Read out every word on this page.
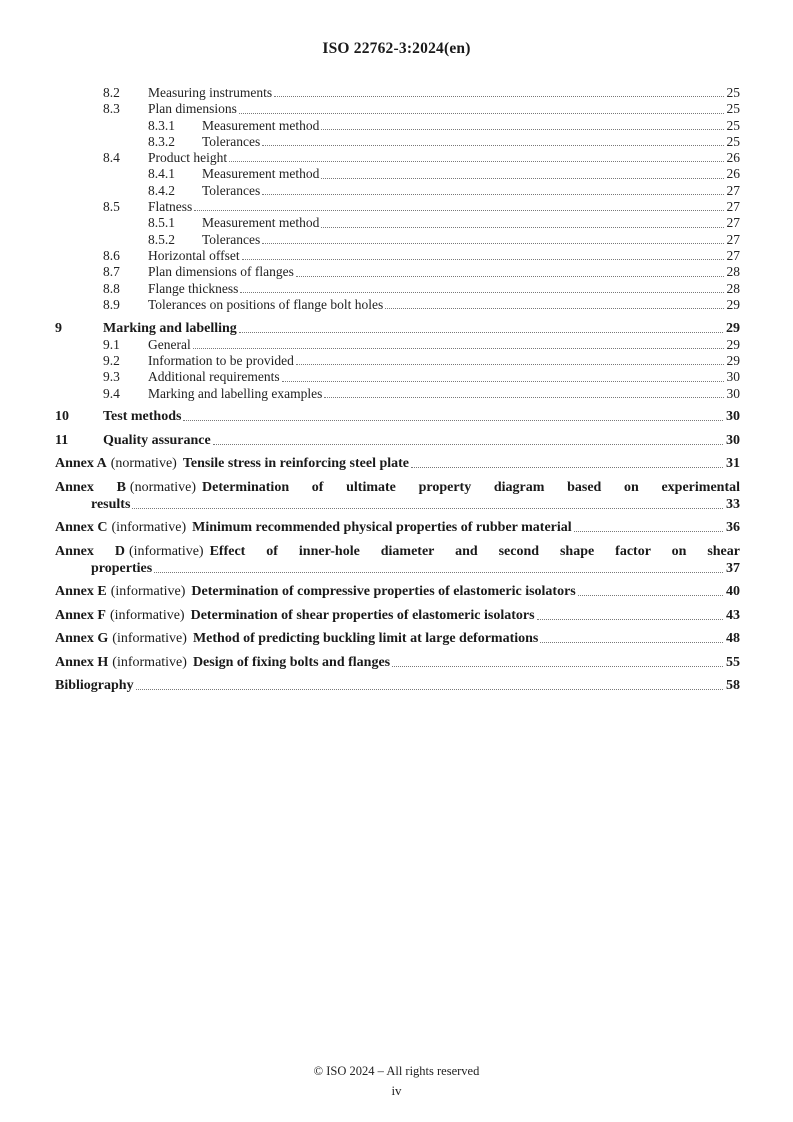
ISO 22762-3:2024(en)
8.2	Measuring instruments	25
8.3	Plan dimensions	25
8.3.1	Measurement method	25
8.3.2	Tolerances	25
8.4	Product height	26
8.4.1	Measurement method	26
8.4.2	Tolerances	27
8.5	Flatness	27
8.5.1	Measurement method	27
8.5.2	Tolerances	27
8.6	Horizontal offset	27
8.7	Plan dimensions of flanges	28
8.8	Flange thickness	28
8.9	Tolerances on positions of flange bolt holes	29
9	Marking and labelling	29
9.1	General	29
9.2	Information to be provided	29
9.3	Additional requirements	30
9.4	Marking and labelling examples	30
10	Test methods	30
11	Quality assurance	30
Annex A (normative) Tensile stress in reinforcing steel plate	31
Annex B (normative) Determination of ultimate property diagram based on experimental
results	33
Annex C (informative) Minimum recommended physical properties of rubber material	36
Annex D (informative) Effect of inner-hole diameter and second shape factor on shear
properties	37
Annex E (informative) Determination of compressive properties of elastomeric isolators	40
Annex F (informative) Determination of shear properties of elastomeric isolators	43
Annex G (informative) Method of predicting buckling limit at large deformations	48
Annex H (informative) Design of fixing bolts and flanges	55
Bibliography	58
© ISO 2024 – All rights reserved
iv
